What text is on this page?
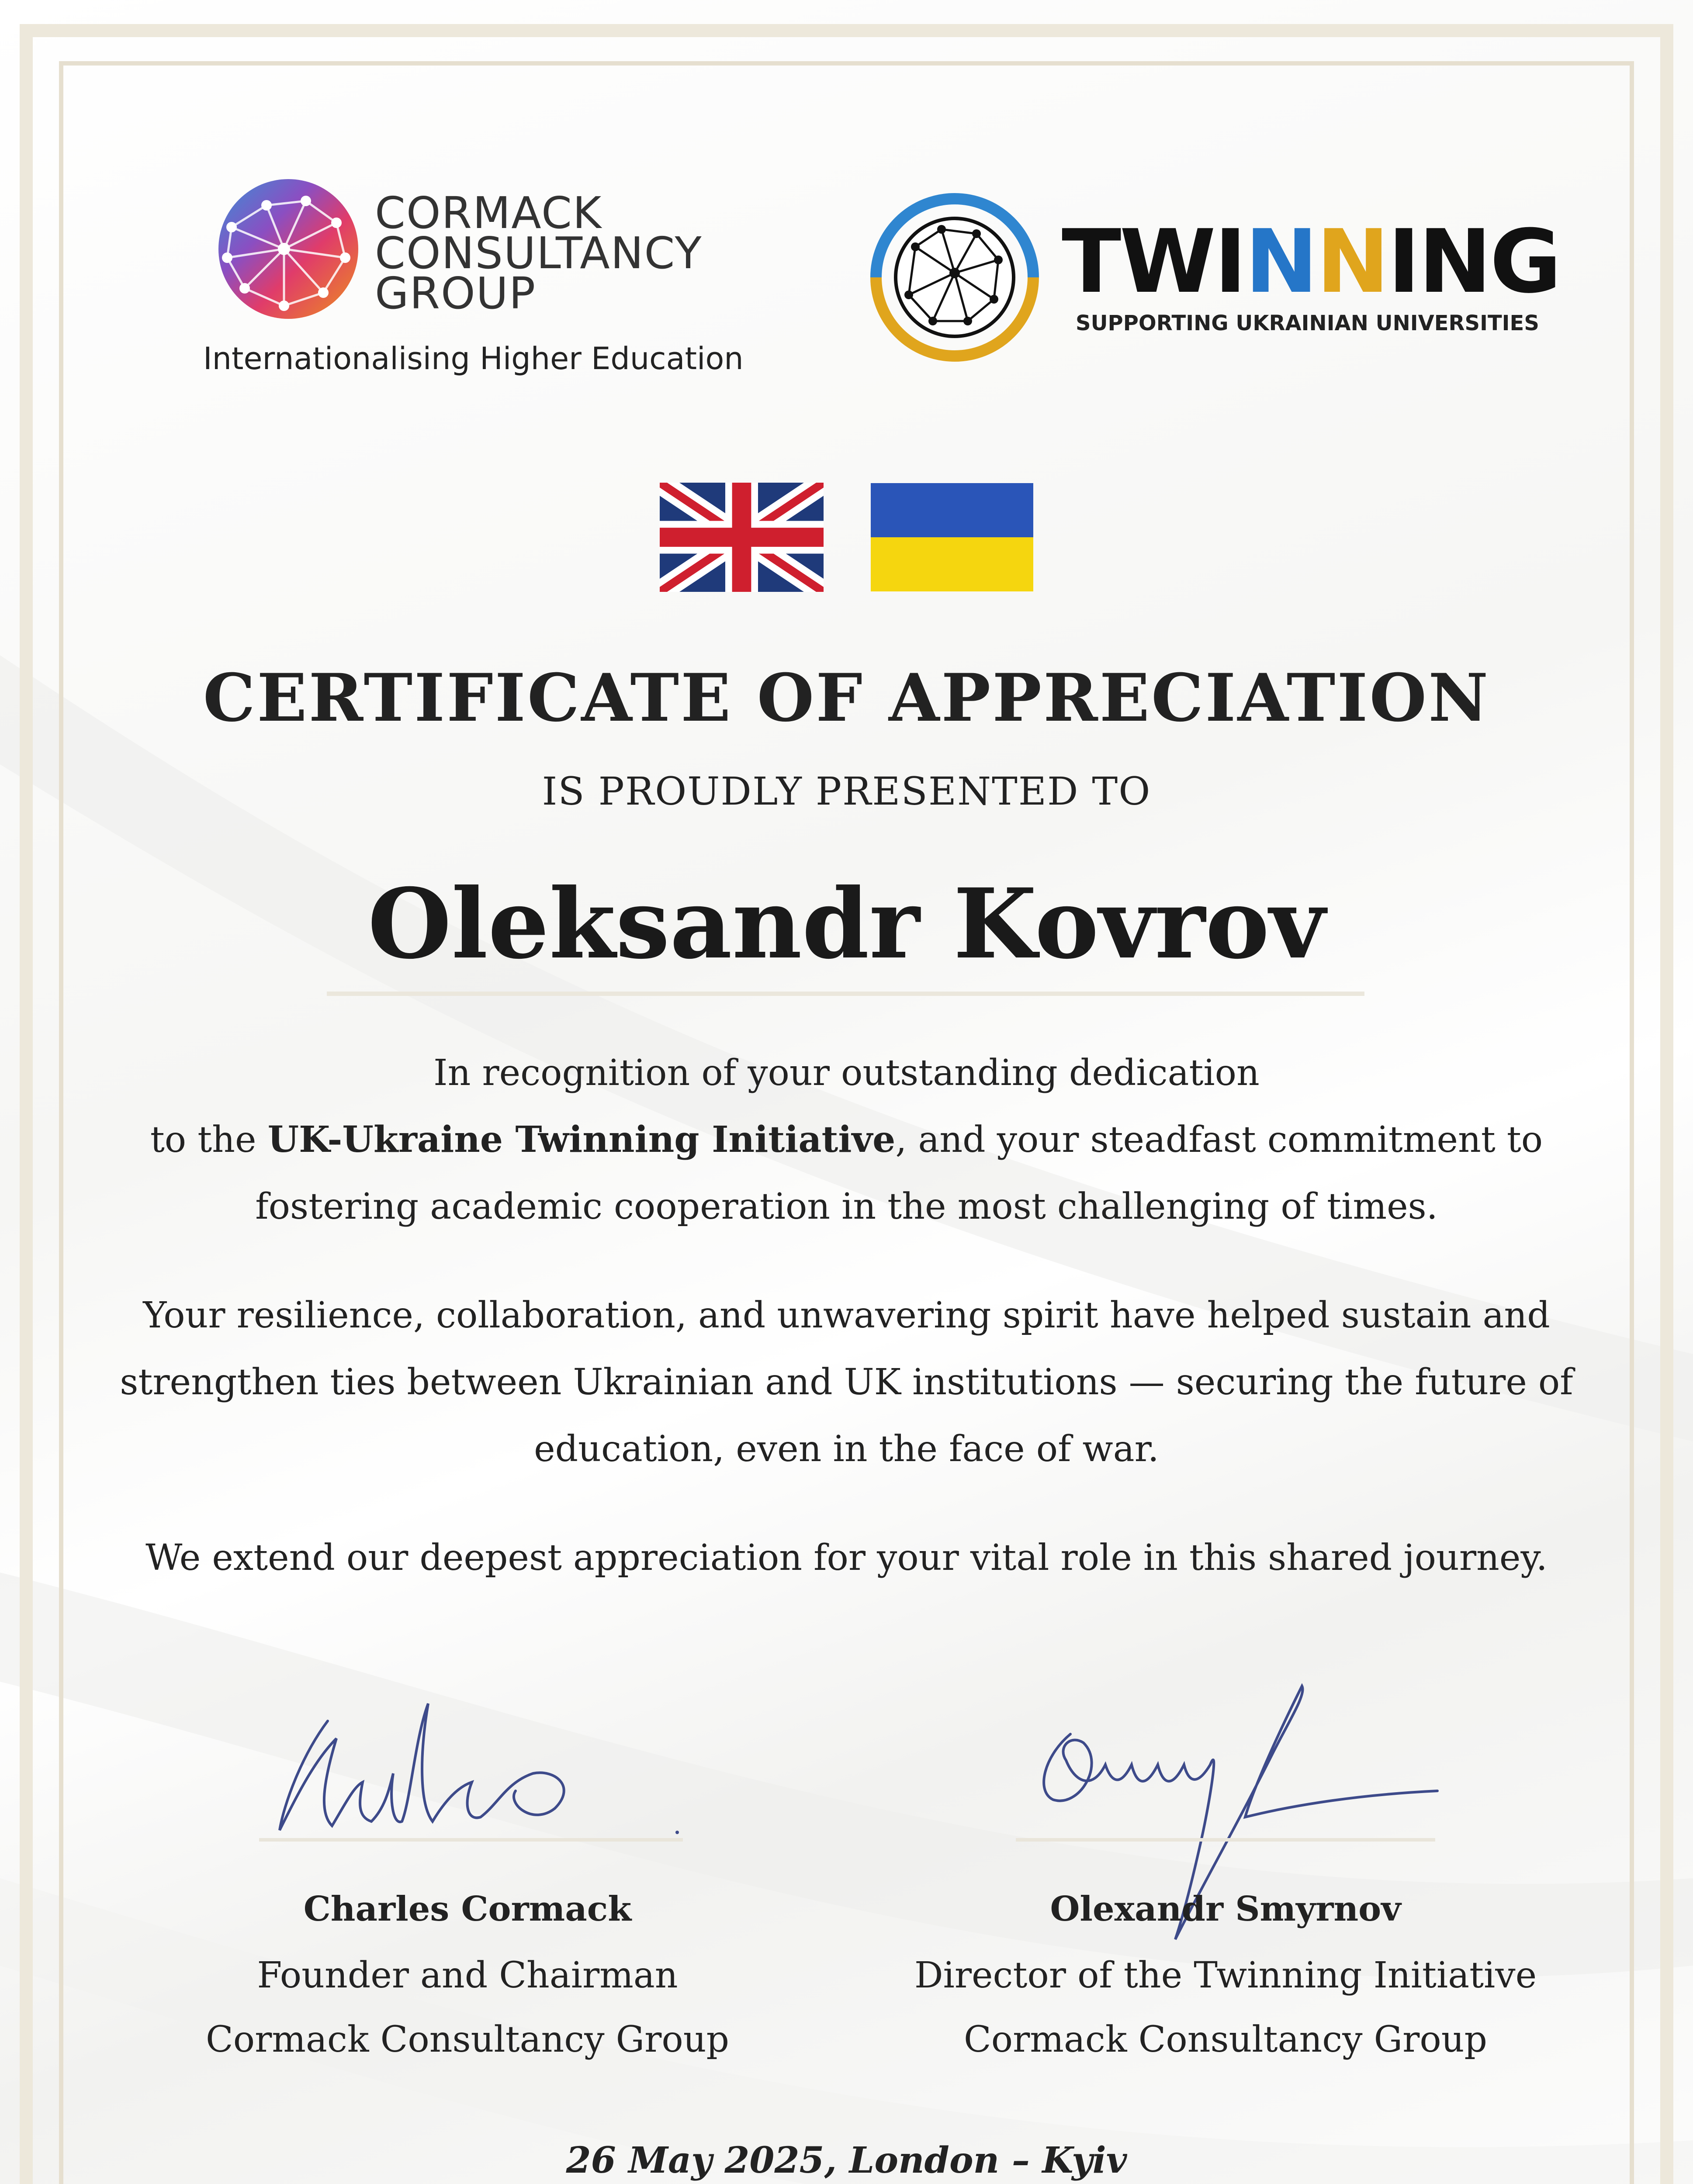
CORMACK
CONSULTANCY
GROUP
Internationalising Higher Education
TWINNING
SUPPORTING UKRAINIAN UNIVERSITIES
CERTIFICATE OF APPRECIATION
IS PROUDLY PRESENTED TO
Oleksandr Kovrov
In recognition of your outstanding dedication
to the UK-Ukraine Twinning Initiative, and your steadfast commitment to
fostering academic cooperation in the most challenging of times.
Your resilience, collaboration, and unwavering spirit have helped sustain and
strengthen ties between Ukrainian and UK institutions — securing the future of
education, even in the face of war.
We extend our deepest appreciation for your vital role in this shared journey.
Charles Cormack
Founder and Chairman
Cormack Consultancy Group
Olexandr Smyrnov
Director of the Twinning Initiative
Cormack Consultancy Group
26 May 2025, London – Kyiv
